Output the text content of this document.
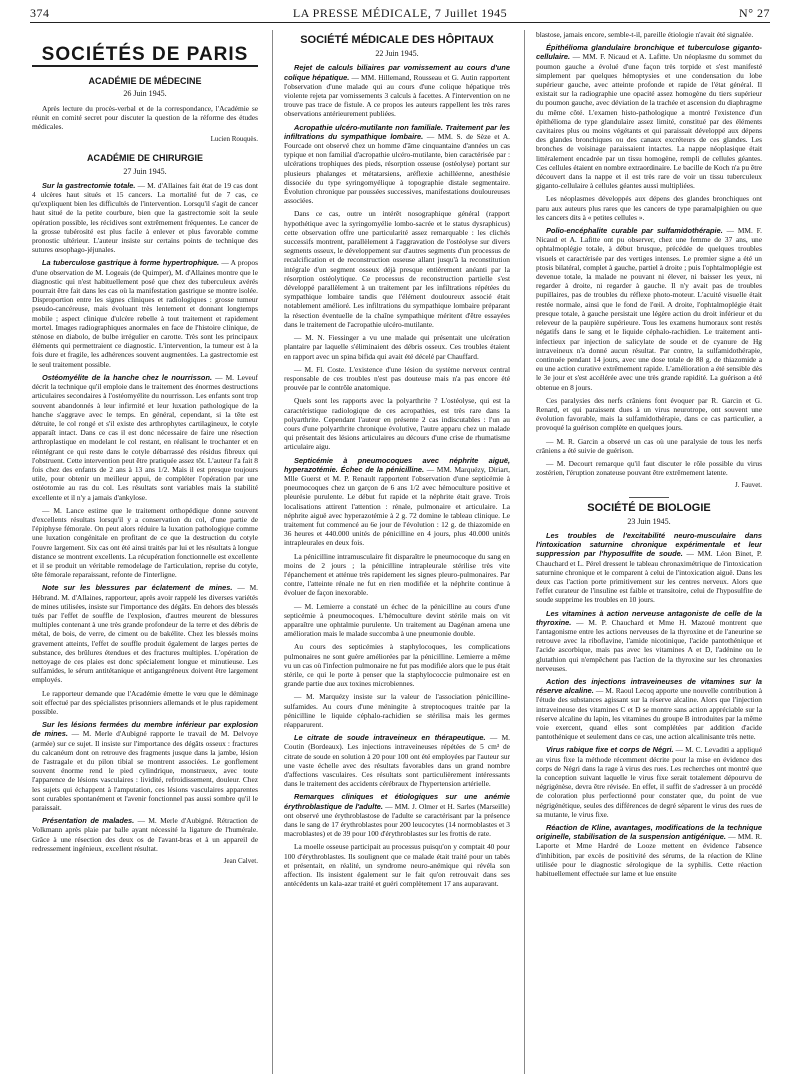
374	LA PRESSE MÉDICALE, 7 Juillet 1945	N° 27
SOCIÉTÉS DE PARIS
ACADÉMIE DE MÉDECINE
26 Juin 1945.

Après lecture du procès-verbal et de la correspondance, l'Académie se réunit en comité secret pour discuter la question de la réforme des études médicales.

Lucien Rouquès.
ACADÉMIE DE CHIRURGIE
27 Juin 1945.

Sur la gastrectomie totale. — M. d'Allaines fait état de 19 cas dont 4 ulcères haut situés et 15 cancers. La mortalité fut de 7 cas, ce qu'expliquent bien les difficultés de l'intervention. Lorsqu'il s'agit de cancer haut situé de la petite courbure, bien que la gastrectomie soit la seule opération possible, les récidives sont extrêmement fréquentes. Le cancer de la grosse tubérosité est plus facile à enlever et plus favorable comme pronostic ultérieur. L'auteur insiste sur certains points de technique des sutures œsophago-jéjunales.

La tuberculose gastrique à forme hypertrophique. — A propos d'une observation de M. Logeais (de Quimper), M. d'Allaines montre que le diagnostic qui n'est habituellement posé que chez des tuberculeux avérés pourrait être fait dans les cas où la manifestation gastrique se montre isolée. Disproportion entre les signes cliniques et radiologiques : grosse tumeur pseudo-cancéreuse, mais évoluant très lentement et donnant longtemps mobile ; aspect clinique d'ulcère rebelle à tout traitement et rapidement mortel. Images radiographiques anormales en face de l'histoire clinique, de sténose en diabolo, de bulbe irrégulier en carotte. Très sont les principaux éléments qui permettraient ce diagnostic. L'intervention, la tumeur est à la fois dure et fragile, les adhérences souvent augmentées. La gastrectomie est le seul traitement possible.

Ostéomyélite de la hanche chez le nourrisson. — M. Leveuf décrit la technique qu'il emploie dans le traitement des énormes destructions articulaires secondaires à l'ostéomyélite du nourrisson. Les enfants sont trop souvent abandonnés à leur infirmité et leur luxation pathologique de la hanche s'aggrave avec le temps. En général, cependant, si la tête est détruite, le col rongé et s'il existe des arthrophytes cartilagineux, le cotyle apparaît intact. Dans ce cas il est donc nécessaire de faire une résection arthroplastique en modelant le col restant, en réalisant le trochanter et en réintégrant ce qui reste dans le cotyle débarrassé des résidus fibreux qui l'obstruent. Cette intervention peut être pratiquée assez tôt. L'auteur l'a fait 8 fois chez des enfants de 2 ans à 13 ans 1/2. Mais il est presque toujours utile, pour obtenir un meilleur appui, de compléter l'opération par une ostéotomie au ras du col. Les résultats sont variables mais la stabilité excellente et il n'y a jamais d'ankylose.

— M. Lance estime que le traitement orthopédique donne souvent d'excellents résultats lorsqu'il y a conservation du col, d'une partie de l'épiphyse fémorale. On peut alors réduire la luxation pathologique comme une luxation congénitale en profitant de ce que la destruction du cotyle l'ouvre largement. Six cas ont été ainsi traités par lui et les résultats à longue distance se montrent excellents. La récupération fonctionnelle est excellente et il se produit un véritable remodelage de l'articulation, reprise du cotyle, tête fémorale reparaissant, refonte de l'interligne.

Note sur les blessures par éclatement de mines. — M. Hébrand. M. d'Allaines, rapporteur, après avoir rappelé les diverses variétés de mines utilisées, insiste sur l'importance des dégâts. En dehors des blessés tués par l'effet de souffle de l'explosion, d'autres meurent de blessures multiples contenant à une très grande profondeur de la terre et des débris de métal, de bois, de verre, de ciment ou de bakélite. Chez les blessés moins gravement atteints, l'effet de souffle produit également de larges pertes de substance, des brûlures étendues et des fractures multiples. L'opération de nettoyage de ces plaies est donc spécialement longue et minutieuse. Les sulfamides, le sérum antitétanique et antigangréneux doivent être largement employés.

Le rapporteur demande que l'Académie émette le vœu que le déminage soit effectué par des spécialistes prisonniers allemands et le plus rapidement possible.

Sur les lésions fermées du membre inférieur par explosion de mines. — M. Merle d'Aubigné rapporte le travail de M. Delvoye (armée) sur ce sujet. Il insiste sur l'importance des dégâts osseux : fractures du calcanéum dont on retrouve des fragments jusque dans la jambe, lésion de l'astragale et du pilon tibial se montrent associées. Le gonflement souvent énorme rend le pied cylindrique, monstrueux, avec toute l'apparence de lésions vasculaires : lividité, refroidissement, douleur. Chez les sujets qui échappent à l'amputation, ces lésions vasculaires apparentes sont curables spontanément et l'avenir fonctionnel pas aussi sombre qu'il le paraissait.

Présentation de malades. — M. Merle d'Aubigné. Rétraction de Volkmann après plaie par balle ayant nécessité la ligature de l'humérale. Grâce à une résection des deux os de l'avant-bras et à un appareil de redressement ingénieux, excellent résultat.

Jean Calvet.
SOCIÉTÉ MÉDICALE DES HÔPITAUX
22 Juin 1945.

Rejet de calculs biliaires par vomissement au cours d'une colique hépatique. — MM. Hillemand, Rousseau et G. Autin rapportent l'observation d'une malade qui au cours d'une colique hépatique très violente rejeta par vomissements 3 calculs à facettes. A l'intervention on ne trouve pas trace de fistule. A ce propos les auteurs rappellent les très rares observations antérieurement publiées.

Acropathie ulcéro-mutilante non familiale. Traitement par les infiltrations du sympathique lombaire. — MM. S. de Sèze et A. Fourcade ont observé chez un homme d'âme cinquantaine d'années un cas typique et non familial d'acropathie ulcéro-mutilante, bien caractérisée par : ulcérations trophiques des pieds, résorption osseuse (ostéolyse) portant sur plusieurs phalanges et métatarsiens, aréflexie achilléenne, anesthésie dissociée du type syringomyélique à topographie distale segmentaire. Évolution chronique par poussées successives, manifestations douloureuses associées.

Dans ce cas, outre un intérêt nosographique général (rapport hypothétique avec la syringomyélie lombo-sacrée et le status dysraphicus) cette observation offre une particularité assez remarquable : les clichés successifs montrent, parallèlement à l'aggravation de l'ostéolyse sur divers segments osseux, le développement sur d'autres segments d'un processus de recalcification et de reconstruction osseuse allant jusqu'à la reconstitution intégrale d'un segment osseux déjà presque entièrement anéanti par la résorption ostéolytique. Ce processus de reconstruction partielle s'est développé parallèlement à un traitement par les infiltrations répétées du sympathique lombaire tandis que l'élément douloureux associé était notablement amélioré. Les infiltrations du sympathique lombaire préparant la résection éventuelle de la chaîne sympathique méritent d'être essayées dans le traitement de l'acropathie ulcéro-mutilante.

— M. N. Fiessinger a vu une malade qui présentait une ulcération plantaire par laquelle s'éliminaient des débris osseux. Ces troubles étaient en rapport avec un spina bifida qui avait été décelé par Chauffard.

— M. Fl. Coste. L'existence d'une lésion du système nerveux central responsable de ces troubles n'est pas douteuse mais n'a pas encore été prouvée par le contrôle anatomique.

Quels sont les rapports avec la polyarthrite ? L'ostéolyse, qui est la caractéristique radiologique de ces acropathies, est très rare dans la polyarthrite. Cependant l'auteur en présente 2 cas indiscutables : l'un au cours d'une polyarthrite chronique évolutive, l'autre apparu chez un malade qui présentait des lésions articulaires au décours d'une crise de rhumatisme articulaire aigu.

Septicémie à pneumocoques avec néphrite aiguë, hyperazotémie. Échec de la pénicilline. — MM. Marquézy, Diriart, Mlle Guerst et M. P. Renault rapportent l'observation d'une septicémie à pneumocoques chez un garçon de 6 ans 1/2 avec hémoculture positive et pleurésie purulente. Le début fut rapide et la néphrite était grave. Trois localisations attirent l'attention : rénale, pulmonaire et articulaire. La néphrite aiguë avec hyperazotémie à 2 g. 72 domine le tableau clinique. Le traitement fut commencé au 6e jour de l'évolution : 12 g. de thiazomide en 36 heures et 440.000 unités de pénicilline en 4 jours, plus 40.000 unités intrapleurales en deux fois.

La pénicilline intramusculaire fit disparaître le pneumocoque du sang en moins de 2 jours ; la pénicilline intrapleurale stérilise très vite l'épanchement et atténue très rapidement les signes pleuro-pulmonaires. Par contre, l'atteinte rénale ne fut en rien modifiée et la néphrite continue à évoluer de façon inexorable.

— M. Lemierre a constaté un échec de la pénicilline au cours d'une septicémie à pneumocoques. L'hémoculture devint stérile mais on vit apparaître une ophtalmie purulente. Un traitement au Dagénan amena une amélioration mais le malade succomba à une pneumonie double.

Au cours des septicémies à staphylocoques, les complications pulmonaires ne sont guère améliorées par la pénicilline. Lemierre a même vu un cas où l'infection pulmonaire ne fut pas modifiée alors que le pus était stérile, ce qui le porte à penser que la staphylococcie pulmonaire est en grande partie due aux toxines microbiennes.

— M. Marquézy insiste sur la valeur de l'association pénicilline-sulfamides. Au cours d'une méningite à streptocoques traitée par la pénicilline le liquide céphalo-rachidien se stérilisa mais les germes réapparurent.

Le citrate de soude intraveineux en thérapeutique. — M. Coutin (Bordeaux). Les injections intraveineuses répétées de 5 cm³ de citrate de soude en solution à 20 pour 100 ont été employées par l'auteur sur une vaste échelle avec des résultats favorables dans un grand nombre d'affections vasculaires. Ces résultats sont particulièrement intéressants dans le traitement des accidents cérébraux de l'hypertension artérielle.

Remarques cliniques et étiologiques sur une anémie érythroblastique de l'adulte. — MM. J. Olmer et H. Sarles (Marseille) ont observé une érythroblastose de l'adulte se caractérisant par la présence dans le sang de 17 érythroblastes pour 200 leucocytes (14 normoblastes et 3 macroblastes) et de 39 pour 100 d'érythroblastes sur les frottis de rate.

La moelle osseuse participait au processus puisqu'on y comptait 40 pour 100 d'érythroblastes. Ils soulignent que ce malade était traité pour un tabès et présentait, en réalité, un syndrome neuro-anémique qui révéla son affection. Ils insistent également sur le fait qu'on retrouvait dans ses antécédents un kala-azar traité et guéri complètement 17 ans auparavant.

blastose, jamais encore, semble-t-il, pareille étiologie n'avait été signalée.

Épithélioma glandulaire bronchique et tuberculose giganto-cellulaire. — MM. F. Nicaud et A. Lafitte. Un néoplasme du sommet du poumon gauche a évolué d'une façon très torpide et s'est manifesté simplement par quelques hémoptysies et une condensation du lobe supérieur gauche, avec atteinte profonde et rapide de l'état général. Il existait sur la radiographie une opacité assez homogène du tiers supérieur du poumon gauche, avec déviation de la trachée et ascension du diaphragme du même côté. L'examen histo-pathologique a montré l'existence d'un épithélioma de type glandulaire assez limité, constitué par des éléments cavitaires plus ou moins végétants et qui paraissait développé aux dépens des glandes bronchiques ou des canaux excréteurs de ces glandes. Les bronches de voisinage paraissaient intactes. La nappe néoplasique était littéralement encadrée par un tissu homogène, rempli de cellules géantes. Ces cellules étaient en nombre extraordinaire. Le bacille de Koch n'a pu être découvert dans la nappe et il est très rare de voir un tissu tuberculeux giganto-cellulaire à cellules géantes aussi multipliées.

Les néoplasmes développés aux dépens des glandes bronchiques ont paru aux auteurs plus rares que les cancers de type paramalpighien ou que les cancers dits à « petites cellules ».

Polio-encéphalite curable par sulfamidothérapie. — MM. F. Nicaud et A. Lafitte ont pu observer, chez une femme de 37 ans, une ophtalmoplégie totale, à début brusque, précédée de quelques troubles visuels et caractérisée par des vertiges intenses. Le premier signe a été un ptosis bilatéral, complet à gauche, partiel à droite ; puis l'ophtalmoplégie est devenue totale, la malade ne pouvant ni élever, ni baisser les yeux, ni regarder à droite, ni regarder à gauche. Il n'y avait pas de troubles pupillaires, pas de troubles du réflexe photo-moteur. L'acuité visuelle était restée normale, ainsi que le fond de l'œil. A droite, l'ophtalmoplégie était presque totale, à gauche persistait une légère action du droit inférieur et du releveur de la paupière supérieure. Tous les examens humoraux sont restés négatifs dans le sang et le liquide céphalo-rachidien. Le traitement anti-infectieux par injection de salicylate de soude et de cyanure de Hg intraveineux n'a donné aucun résultat. Par contre, la sulfamidothérapie, continuée pendant 14 jours, avec une dose totale de 88 g. de thiazomide a eu une action curative extrêmement rapide. L'amélioration a été sensible dès le 3e jour et s'est accélérée avec une très grande rapidité. La guérison a été obtenue en 8 jours.

Ces paralysies des nerfs crâniens font évoquer par R. Garcin et G. Renard, et qui paraissent dues à un virus neurotrope, ont souvent une évolution favorable, mais la sulfamidothérapie, dans ce cas particulier, a provoqué la guérison complète en quelques jours.

— M. R. Garcin a observé un cas où une paralysie de tous les nerfs crâniens a été suivie de guérison.

— M. Decourt remarque qu'il faut discuter le rôle possible du virus zostérien, l'éruption zonateuse pouvant être extrêmement latente.

J. Fauvet.
SOCIÉTÉ DE BIOLOGIE
23 Juin 1945.

Les troubles de l'excitabilité neuro-musculaire dans l'intoxication saturnine chronique expérimentale et leur suppression par l'hyposulfite de soude. — MM. Léon Binet, P. Chauchard et L. Pérel dressent le tableau chronaximétrique de l'intoxication saturnine chronique et le comparent à celui de l'intoxication aiguë. Dans les deux cas l'action porte primitivement sur les centres nerveux. Alors que l'effet curateur de l'insuline est faible et transitoire, celui de l'hyposulfite de soude supprime les troubles en 10 jours.

Les vitamines à action nerveuse antagoniste de celle de la thyroxine. — M. P. Chauchard et Mme H. Mazoué montrent que l'antagonisme entre les actions nerveuses de la thyroxine et de l'aneurine se retrouve avec la riboflavine, l'amide nicotinique, l'acide pantothénique et l'acide ascorbique, mais pas avec les vitamines A et D, l'adénine ou le glutathion qui n'empêchent pas l'action de la thyroxine sur les chronaxies nerveuses.

Action des injections intraveineuses de vitamines sur la réserve alcaline. — M. Raoul Lecoq apporte une nouvelle contribution à l'étude des substances agissant sur la réserve alcaline. Alors que l'injection intraveineuse des vitamines C et D se montre sans action appréciable sur la réserve alcaline du lapin, les vitamines du groupe B introduites par la même voie exercent, quand elles sont complétées par addition d'acide pantothénique et seulement dans ce cas, une action alcalinisante très nette.

Virus rabique fixe et corps de Négri. — M. C. Levaditi a appliqué au virus fixe la méthode récemment décrite pour la mise en évidence des corps de Négri dans la rage à virus des rues. Les recherches ont montré que la conception suivant laquelle le virus fixe serait totalement dépourvu de négrigénèse, devra être révisée. En effet, il suffit de s'adresser à un procédé de coloration plus perfectionné pour constater que, du point de vue négrigénétique, seules des différences de degré séparent le virus des rues de sa mutante, le virus fixe.

Réaction de Kline, avantages, modifications de la technique originelle, stabilisation de la suspension antigénique. — MM. R. Laporte et Mme Hardré de Looze mettent en évidence l'absence d'inhibition, par excès de positivité des sérums, de la réaction de Kline utilisée pour le diagnostic sérologique de la syphilis. Cette réaction habituellement effectuée sur lame et lue ensuite
